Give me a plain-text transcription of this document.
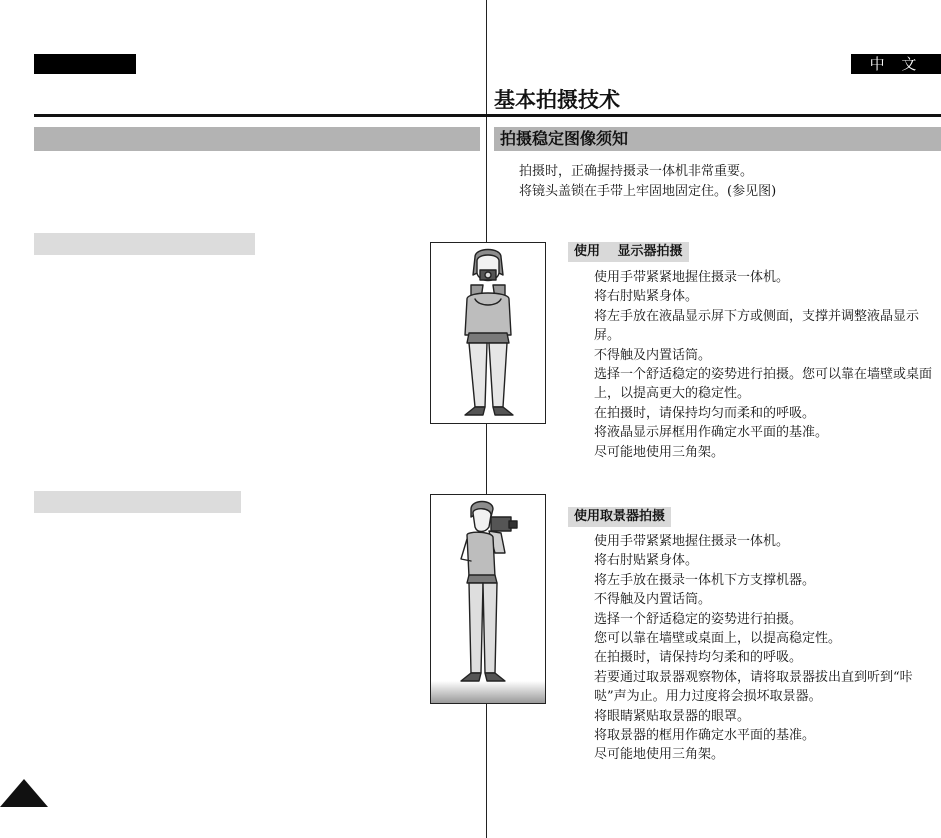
中 文
基本拍摄技术
拍摄稳定图像须知
拍摄时，正确握持摄录一体机非常重要。
将镜头盖锁在手带上牢固地固定住。(参见图)
使用　 显示器拍摄
使用手带紧紧地握住摄录一体机。
将右肘贴紧身体。
将左手放在液晶显示屏下方或侧面，支撑并调整液晶显示屏。
不得触及内置话筒。
选择一个舒适稳定的姿势进行拍摄。您可以靠在墙壁或桌面上，以提高更大的稳定性。
在拍摄时，请保持均匀而柔和的呼吸。
将液晶显示屏框用作确定水平面的基准。
尽可能地使用三角架。
使用取景器拍摄
使用手带紧紧地握住摄录一体机。
将右肘贴紧身体。
将左手放在摄录一体机下方支撑机器。
不得触及内置话筒。
选择一个舒适稳定的姿势进行拍摄。
您可以靠在墙壁或桌面上，以提高稳定性。
在拍摄时，请保持均匀柔和的呼吸。
若要通过取景器观察物体，请将取景器拔出直到听到“咔哒”声为止。用力过度将会损坏取景器。
将眼睛紧贴取景器的眼罩。
将取景器的框用作确定水平面的基准。
尽可能地使用三角架。
